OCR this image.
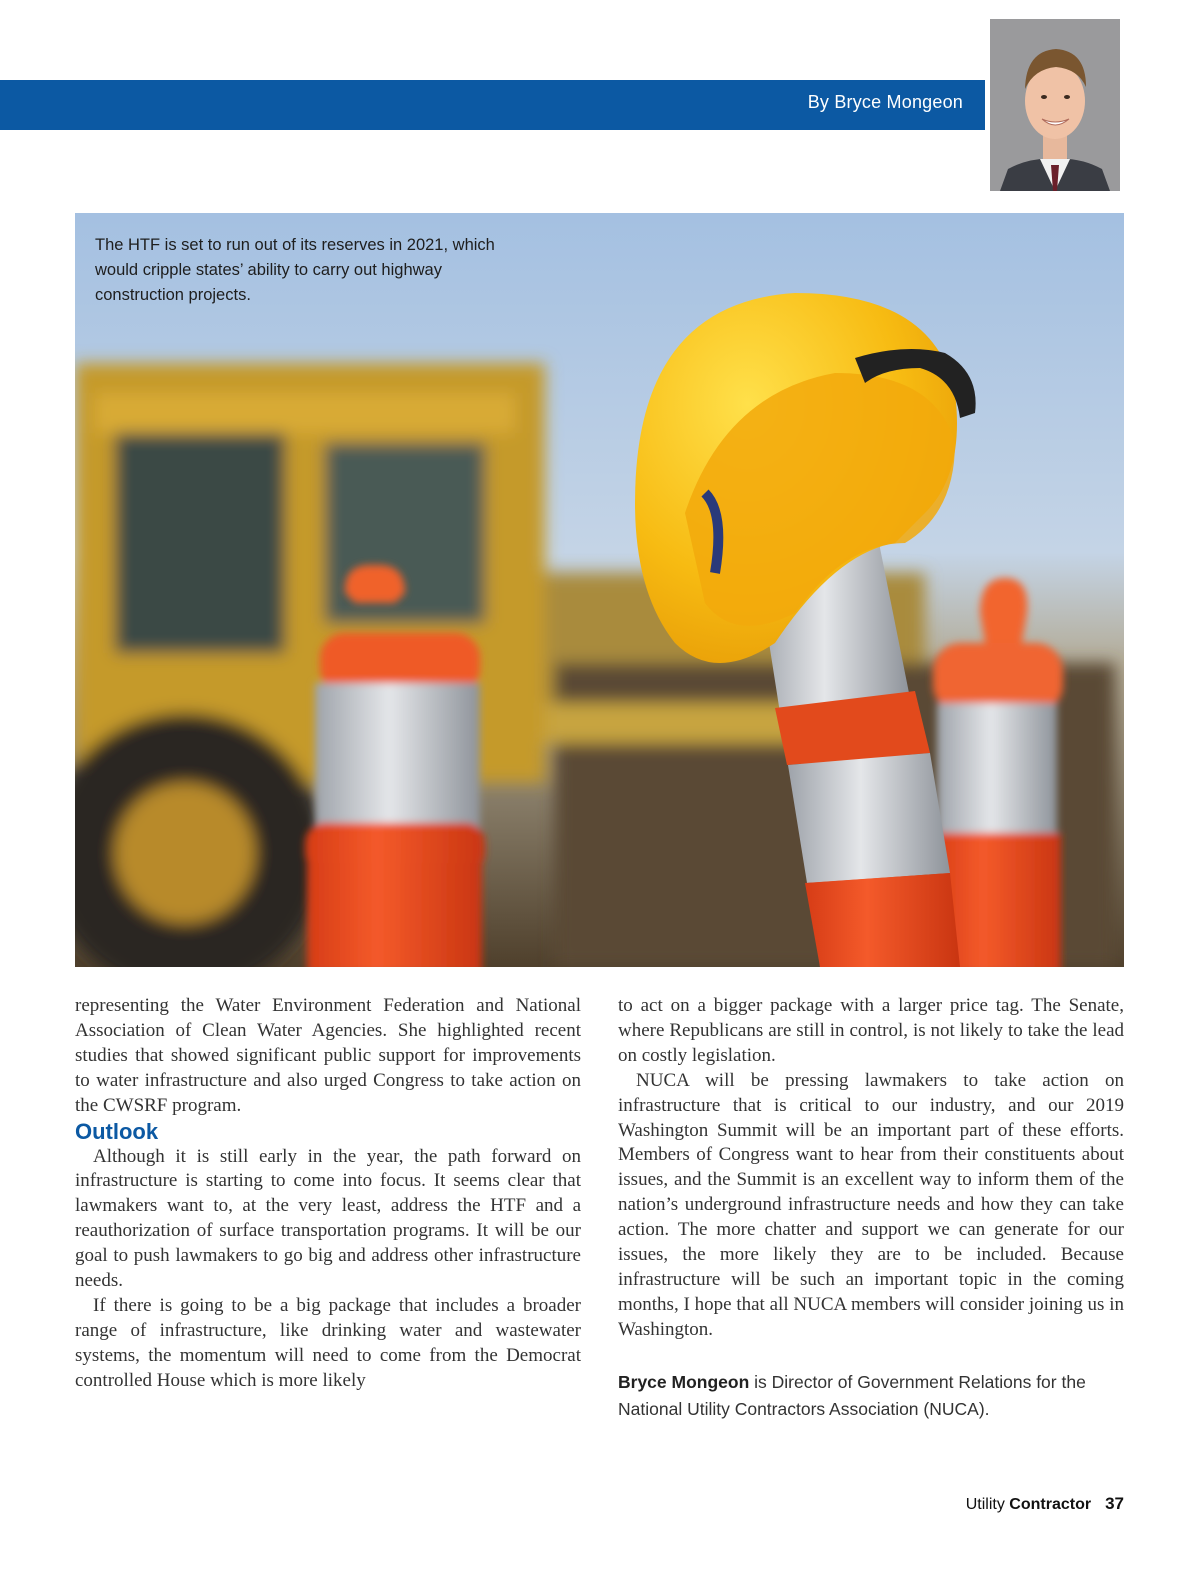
By Bryce Mongeon
The HTF is set to run out of its reserves in 2021, which would cripple states’ ability to carry out highway construction projects.

representing the Water Environment Federation and National Association of Clean Water Agencies. She highlighted recent studies that showed significant public support for improvements to water infrastructure and also urged Congress to take action on the CWSRF program.

Outlook

Although it is still early in the year, the path forward on infrastructure is starting to come into focus. It seems clear that lawmakers want to, at the very least, address the HTF and a reauthorization of surface transportation programs. It will be our goal to push lawmakers to go big and address other infrastructure needs.

If there is going to be a big package that includes a broader range of infrastructure, like drinking water and wastewater systems, the momentum will need to come from the Democrat controlled House which is more likely

to act on a bigger package with a larger price tag. The Senate, where Republicans are still in control, is not likely to take the lead on costly legislation.

NUCA will be pressing lawmakers to take action on infrastructure that is critical to our industry, and our 2019 Washington Summit will be an important part of these efforts. Members of Congress want to hear from their constituents about issues, and the Summit is an excellent way to inform them of the nation’s underground infrastructure needs and how they can take action. The more chatter and support we can generate for our issues, the more likely they are to be included. Because infrastructure will be such an important topic in the coming months, I hope that all NUCA members will consider joining us in Washington.

Bryce Mongeon is Director of Government Relations for the National Utility Contractors Association (NUCA).

Utility Contractor 37
